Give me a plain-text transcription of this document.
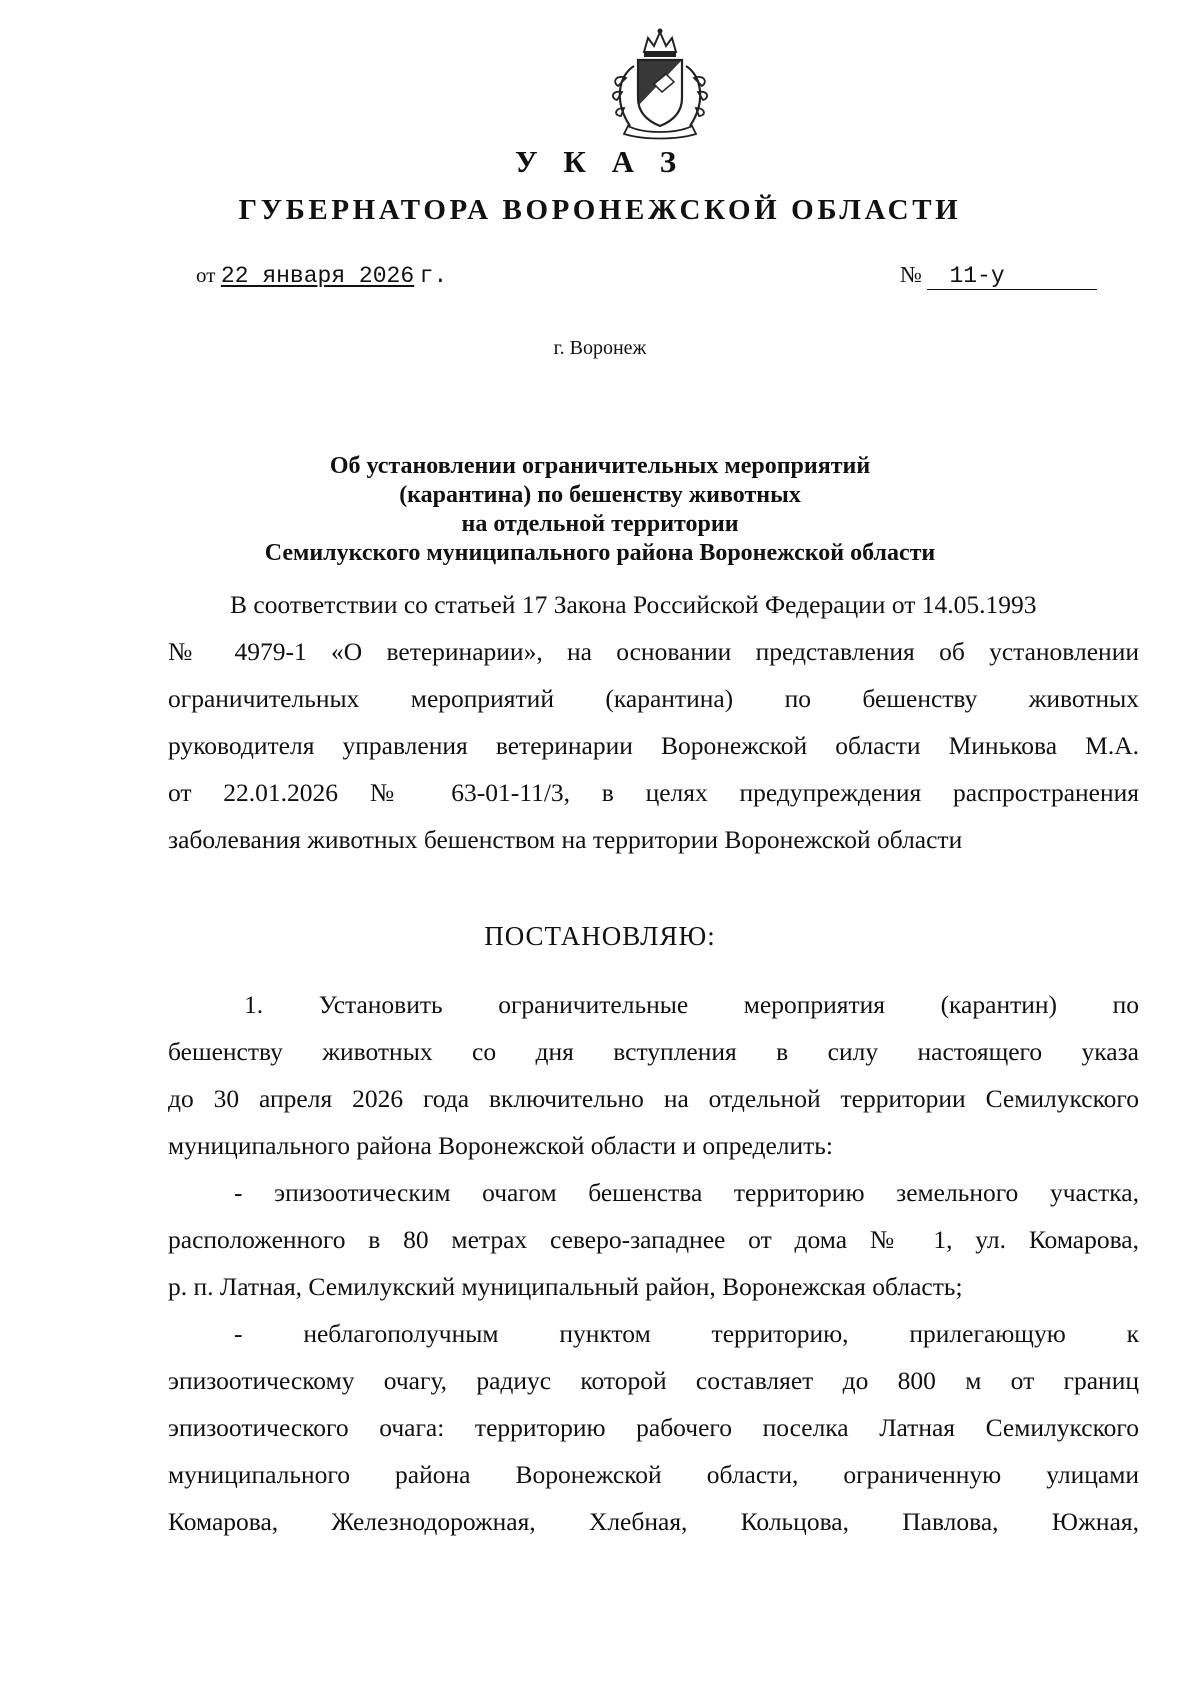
У К А З
ГУБЕРНАТОРА ВОРОНЕЖСКОЙ ОБЛАСТИ
от 22 января 2026 г.	№ 11-у
г. Воронеж
Об установлении ограничительных мероприятий
(карантина) по бешенству животных
на отдельной территории
Семилукского муниципального района Воронежской области
В соответствии со статьей 17 Закона Российской Федерации от 14.05.1993
№ 4979-1 «О ветеринарии», на основании представления об установлении
ограничительных мероприятий (карантина) по бешенству животных
руководителя управления ветеринарии Воронежской области Минькова М.А.
от 22.01.2026 № 63-01-11/3, в целях предупреждения распространения
заболевания животных бешенством на территории Воронежской области
ПОСТАНОВЛЯЮ:
1. Установить ограничительные мероприятия (карантин) по
бешенству животных со дня вступления в силу настоящего указа
до 30 апреля 2026 года включительно на отдельной территории Семилукского
муниципального района Воронежской области и определить:
- эпизоотическим очагом бешенства территорию земельного участка,
расположенного в 80 метрах северо-западнее от дома № 1, ул. Комарова,
р. п. Латная, Семилукский муниципальный район, Воронежская область;
- неблагополучным пунктом территорию, прилегающую к
эпизоотическому очагу, радиус которой составляет до 800 м от границ
эпизоотического очага: территорию рабочего поселка Латная Семилукского
муниципального района Воронежской области, ограниченную улицами
Комарова, Железнодорожная, Хлебная, Кольцова, Павлова, Южная,
